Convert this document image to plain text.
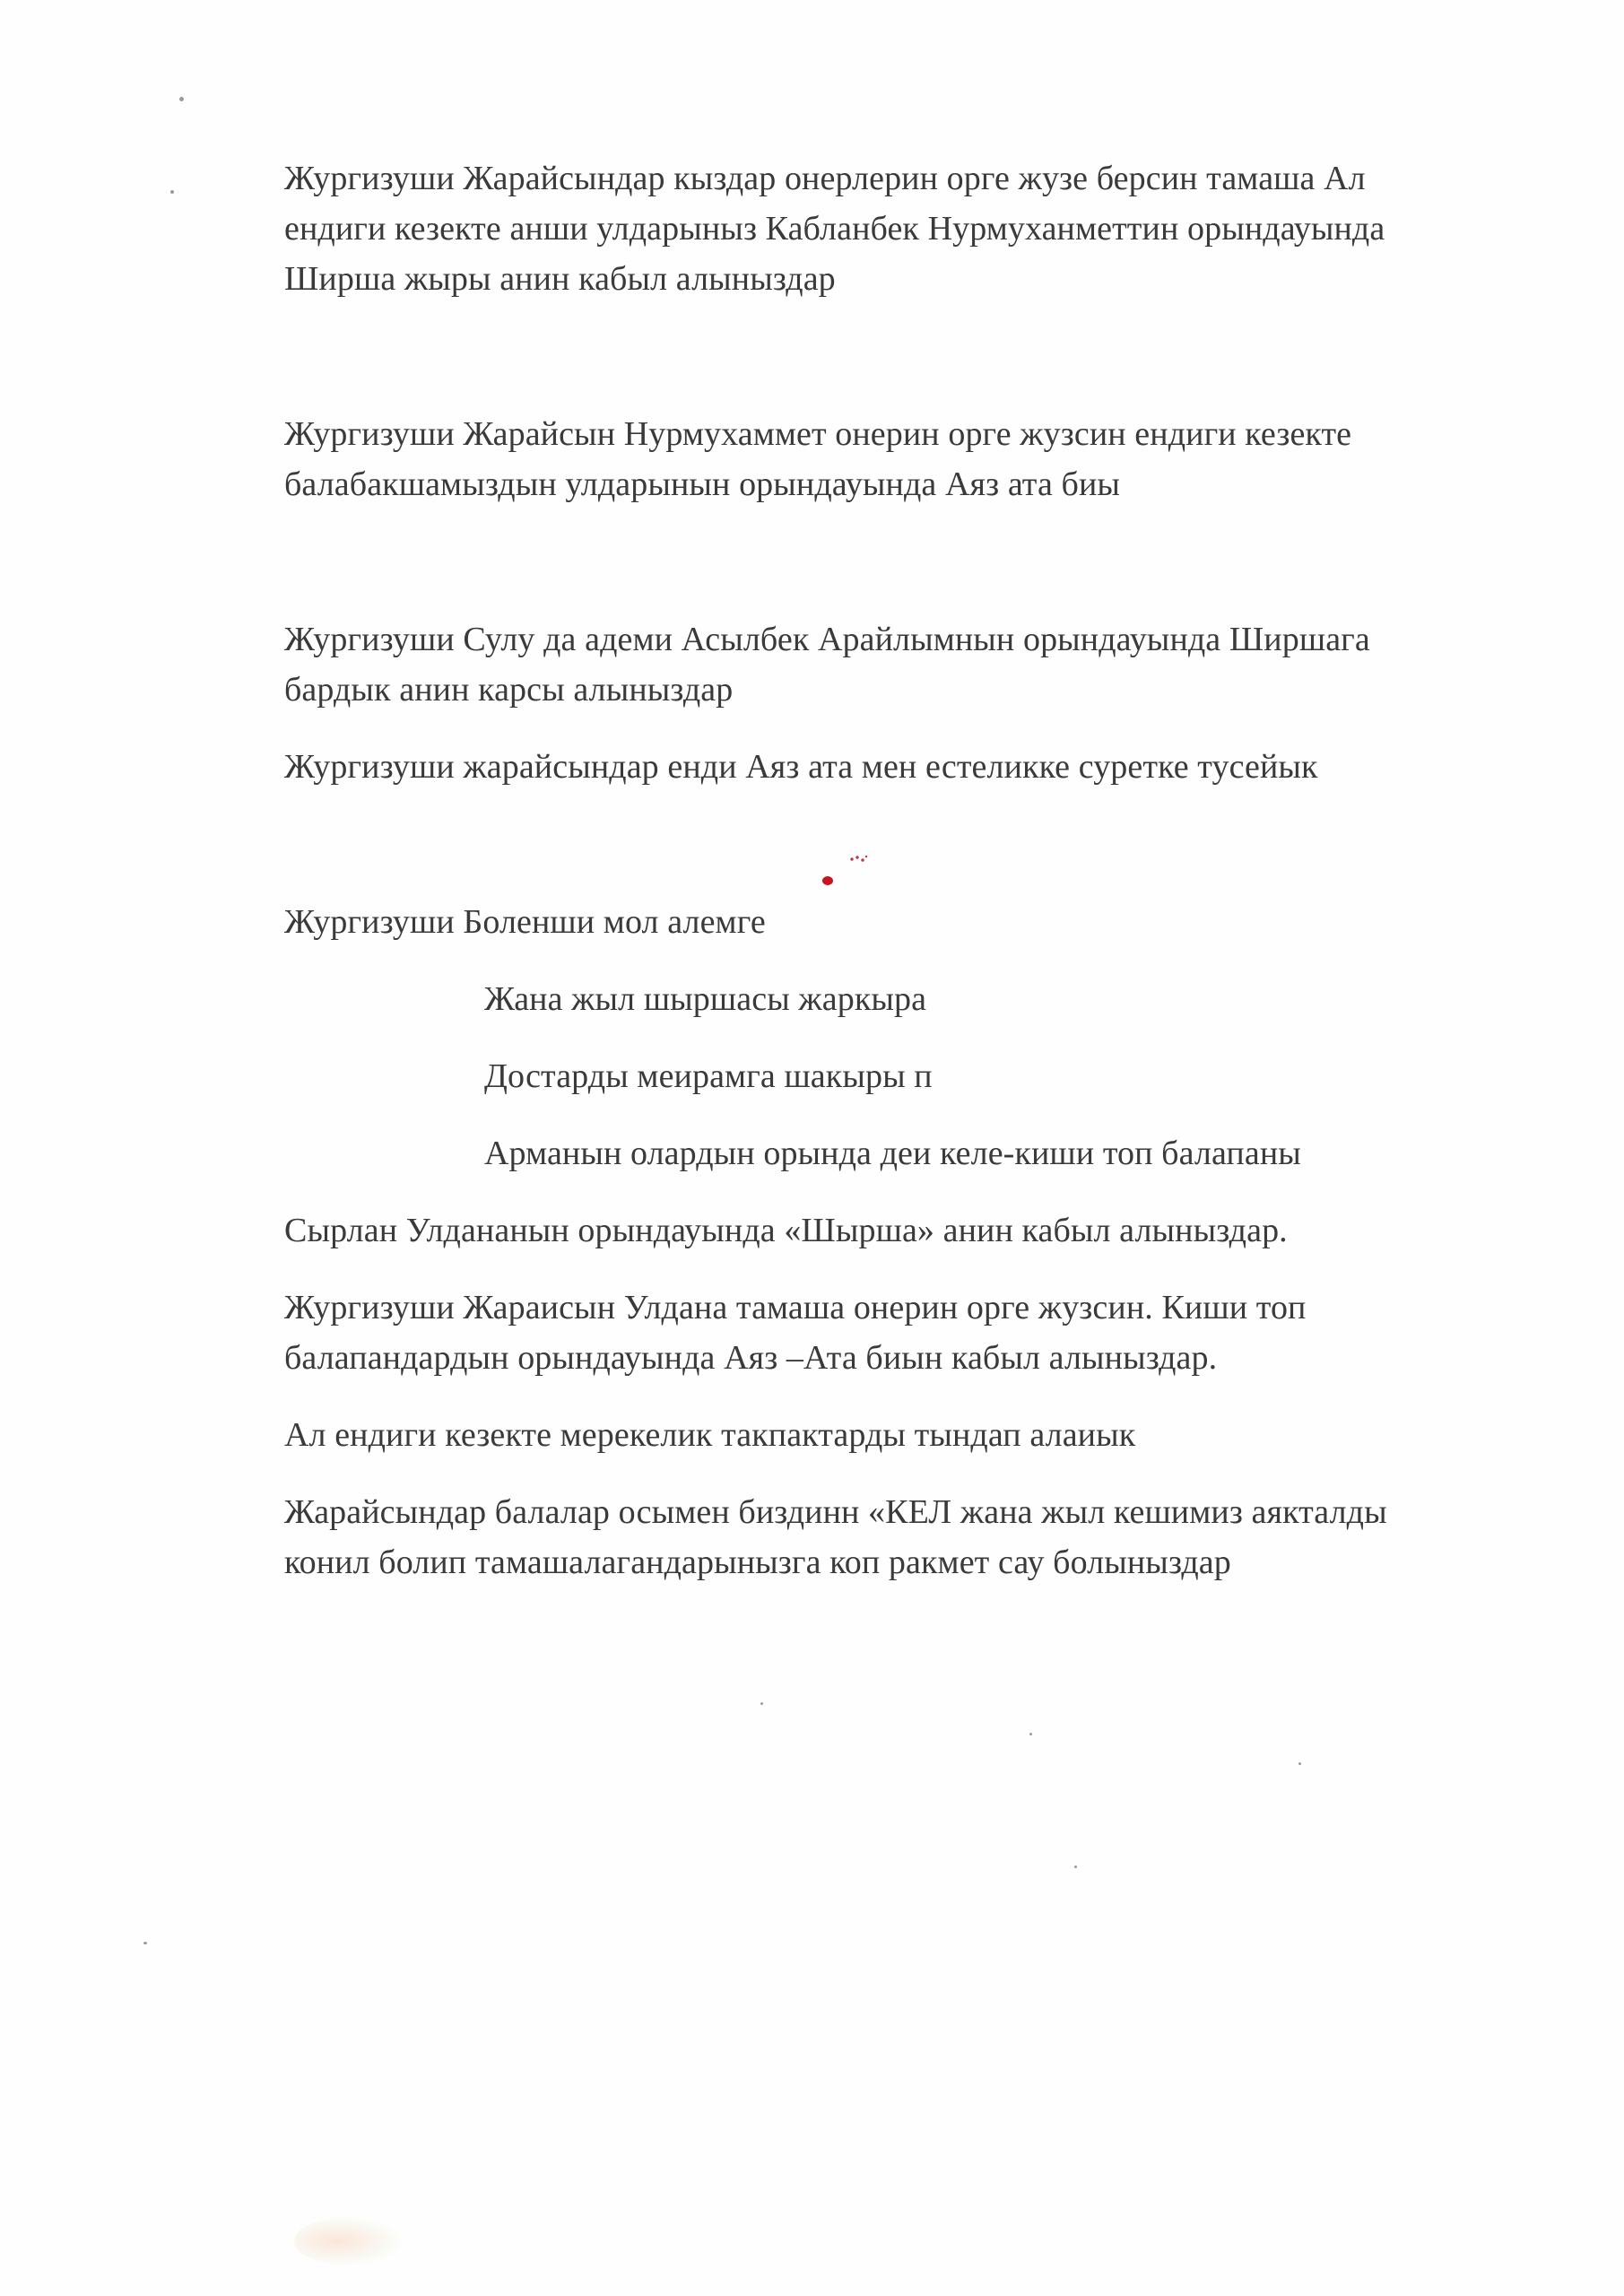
Жургизуши Жарайсындар кыздар онерлерин орге жузе берсин тамаша Ал
ендиги кезекте анши улдарыныз Кабланбек Нурмуханметтин орындауында
Ширша жыры анин кабыл алыныздар
Жургизуши Жарайсын Нурмухаммет онерин орге жузсин ендиги кезекте
балабакшамыздын улдарынын орындауында Аяз ата биы
Жургизуши Сулу да адеми Асылбек Арайлымнын орындауында Ширшага
бардык анин карсы алыныздар
Жургизуши жарайсындар енди Аяз ата мен естеликке суретке тусейык
Жургизуши Боленши мол алемге
Жана жыл шыршасы жаркыра
Достарды меирамга шакыры п
Арманын олардын орында деи келе-киши топ балапаны
Сырлан Улдананын орындауында «Шырша» анин кабыл алыныздар.
Жургизуши Жараисын Улдана тамаша онерин орге жузсин. Киши топ
балапандардын орындауында Аяз –Ата биын кабыл алыныздар.
Ал ендиги кезекте мерекелик такпактарды тындап алаиык
Жарайсындар балалар осымен биздинн «КЕЛ жана жыл кешимиз аякталды
конил болип тамашалагандарынызга коп ракмет сау болыныздар
